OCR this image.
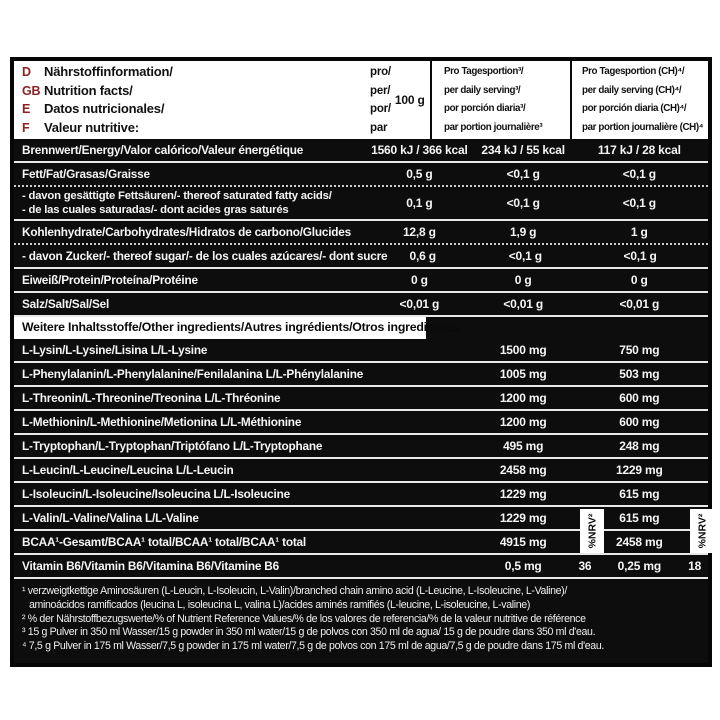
D	Nährstoffinformation/
GB Nutrition facts/
E	Datos nutricionales/
F	Valeur nutritive:
pro/
per/
por/
par
100 g
Pro Tagesportion³/
per daily serving³/
por porción diaria³/
par portion journalière³
Pro Tagesportion (CH)⁴/
per daily serving (CH)⁴/
por porción diaria (CH)⁴/
par portion journalière (CH)⁴
Brennwert/Energy/Valor calórico/Valeur énergétique	1560 kJ / 366 kcal	234 kJ / 55 kcal	117 kJ / 28 kcal
Fett/Fat/Grasas/Graisse	0,5 g	<0,1 g	<0,1 g
- davon gesättigte Fettsäuren/- thereof saturated fatty acids/
- de las cuales saturadas/- dont acides gras saturés	0,1 g	<0,1 g	<0,1 g
Kohlenhydrate/Carbohydrates/Hidratos de carbono/Glucides	12,8 g	1,9 g	1 g
- davon Zucker/- thereof sugar/- de los cuales azúcares/- dont sucre	0,6 g	<0,1 g	<0,1 g
Eiweiß/Protein/Proteína/Protéine	0 g	0 g	0 g
Salz/Salt/Sal/Sel	<0,01 g	<0,01 g	<0,01 g
Weitere Inhaltsstoffe/Other ingredients/Autres ingrédients/Otros ingredientes:
L-Lysin/L-Lysine/Lisina L/L-Lysine	1500 mg	750 mg
L-Phenylalanin/L-Phenylalanine/Fenilalanina L/L-Phénylalanine	1005 mg	503 mg
L-Threonin/L-Threonine/Treonina L/L-Thréonine	1200 mg	600 mg
L-Methionin/L-Methionine/Metionina L/L-Méthionine	1200 mg	600 mg
L-Tryptophan/L-Tryptophan/Triptófano L/L-Tryptophane	495 mg	248 mg
L-Leucin/L-Leucine/Leucina L/L-Leucin	2458 mg	1229 mg
L-Isoleucin/L-Isoleucine/Isoleucina L/L-Isoleucine	1229 mg	615 mg
L-Valin/L-Valine/Valina L/L-Valine	1229 mg	615 mg
BCAA¹-Gesamt/BCAA¹ total/BCAA¹ total/BCAA¹ total	4915 mg	2458 mg
%NRV²	%NRV²
Vitamin B6/Vitamin B6/Vitamina B6/Vitamine B6	0,5 mg	36	0,25 mg	18
¹ verzweigtkettige Aminosäuren (L-Leucin, L-Isoleucin, L-Valin)/branched chain amino acid (L-Leucine, L-Isoleucine, L-Valine)/
aminoácidos ramificados (leucina L, isoleucina L, valina L)/acides aminés ramifiés (L-leucine, L-isoleucine, L-valine)
² % der Nährstoffbezugswerte/% of Nutrient Reference Values/% de los valores de referencia/% de la valeur nutritive de référence
³ 15 g Pulver in 350 ml Wasser/15 g powder in 350 ml water/15 g de polvos con 350 ml de agua/ 15 g de poudre dans 350 ml d'eau.
⁴ 7,5 g Pulver in 175 ml Wasser/7,5 g powder in 175 ml water/7,5 g de polvos con 175 ml de agua/7,5 g de poudre dans 175 ml d'eau.
